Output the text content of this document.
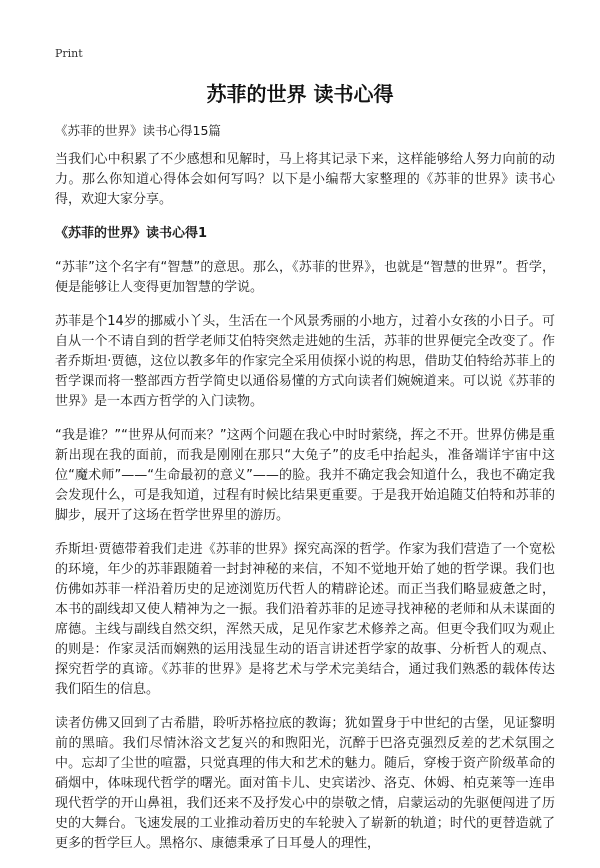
Print
苏菲的世界 读书心得
《苏菲的世界》读书心得15篇

当我们心中积累了不少感想和见解时，马上将其记录下来，这样能够给人努力向前的动力。那么你知道心得体会如何写吗？以下是小编帮大家整理的《苏菲的世界》读书心得，欢迎大家分享。

《苏菲的世界》读书心得1

“苏菲”这个名字有“智慧”的意思。那么，《苏菲的世界》，也就是“智慧的世界”。哲学，便是能够让人变得更加智慧的学说。

苏菲是个14岁的挪威小丫头，生活在一个风景秀丽的小地方，过着小女孩的小日子。可自从一个不请自到的哲学老师艾伯特突然走进她的生活，苏菲的世界便完全改变了。作者乔斯坦·贾德，这位以教多年的作家完全采用侦探小说的构思，借助艾伯特给苏菲上的哲学课而将一整部西方哲学简史以通俗易懂的方式向读者们婉婉道来。可以说《苏菲的世界》是一本西方哲学的入门读物。

“我是谁？”“世界从何而来？”这两个问题在我心中时时萦绕，挥之不开。世界仿佛是重新出现在我的面前，而我是刚刚在那只“大兔子”的皮毛中抬起头，准备端详宇宙中这位“魔术师”——“生命最初的意义”——的脸。我并不确定我会知道什么，我也不确定我会发现什么，可是我知道，过程有时候比结果更重要。于是我开始追随艾伯特和苏菲的脚步，展开了这场在哲学世界里的游历。

乔斯坦·贾德带着我们走进《苏菲的世界》探究高深的哲学。作家为我们营造了一个宽松的环境，年少的苏菲跟随着一封封神秘的来信，不知不觉地开始了她的哲学课。我们也仿佛如苏菲一样沿着历史的足迹浏览历代哲人的精辟论述。而正当我们略显疲惫之时，本书的副线却又使人精神为之一振。我们沿着苏菲的足迹寻找神秘的老师和从未谋面的席德。主线与副线自然交织，浑然天成，足见作家艺术修养之高。但更令我们叹为观止的则是：作家灵活而娴熟的运用浅显生动的语言讲述哲学家的故事、分析哲人的观点、探究哲学的真谛。《苏菲的世界》是将艺术与学术完美结合，通过我们熟悉的载体传达我们陌生的信息。

读者仿佛又回到了古希腊，聆听苏格拉底的教诲；犹如置身于中世纪的古堡，见证黎明前的黑暗。我们尽情沐浴文艺复兴的和煦阳光，沉醉于巴洛克强烈反差的艺术氛围之中。忘却了尘世的喧嚣，只觉真理的伟大和艺术的魅力。随后，穿梭于资产阶级革命的硝烟中，体味现代哲学的曙光。面对笛卡儿、史宾诺沙、洛克、休姆、柏克莱等一连串现代哲学的开山鼻祖，我们还来不及抒发心中的崇敬之情，启蒙运动的先驱便闯进了历史的大舞台。飞速发展的工业推动着历史的车轮驶入了崭新的轨道；时代的更替造就了更多的哲学巨人。黑格尔、康德秉承了日耳曼人的理性，
